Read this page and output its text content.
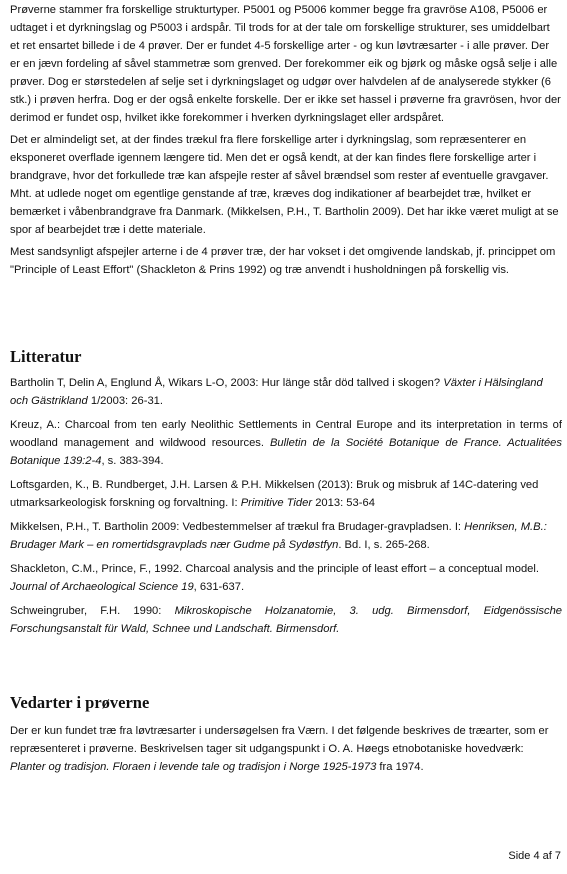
Prøverne stammer fra forskellige strukturtyper. P5001 og P5006 kommer begge fra gravröse A108, P5006 er udtaget i et dyrkningslag og P5003 i ardspår. Til trods for at der tale om forskellige strukturer, ses umiddelbart et ret ensartet billede i de 4 prøver. Der er fundet 4-5 forskellige arter - og kun løvtræsarter - i alle prøver. Der er en jævn fordeling af såvel stammetræ som grenved. Der forekommer eik og bjørk og måske også selje i alle prøver. Dog er størstedelen af selje set i dyrkningslaget og udgør over halvdelen af de analyserede stykker (6 stk.) i prøven herfra. Dog er der også enkelte forskelle. Der er ikke set hassel i prøverne fra gravrösen, hvor der derimod er fundet osp, hvilket ikke forekommer i hverken dyrkningslaget eller ardspåret.

Det er almindeligt set, at der findes trækul fra flere forskellige arter i dyrkningslag, som repræsenterer en eksponeret overflade igennem længere tid. Men det er også kendt, at der kan findes flere forskellige arter i brandgrave, hvor det forkullede træ kan afspejle rester af såvel brændsel som rester af eventuelle gravgaver. Mht. at udlede noget om egentlige genstande af træ, kræves dog indikationer af bearbejdet træ, hvilket er bemærket i våbenbrandgrave fra Danmark. (Mikkelsen, P.H., T. Bartholin 2009). Det har ikke været muligt at se spor af bearbejdet træ i dette materiale.

Mest sandsynligt afspejler arterne i de 4 prøver træ, der har vokset i det omgivende landskab, jf. princippet om "Principle of Least Effort" (Shackleton & Prins 1992) og træ anvendt i husholdningen på forskellig vis.

Litteratur

Bartholin T, Delin A, Englund Å, Wikars L-O, 2003: Hur länge står död tallved i skogen? Växter i Hälsingland och Gästrikland 1/2003: 26-31.

Kreuz, A.: Charcoal from ten early Neolithic Settlements in Central Europe and its interpretation in terms of woodland management and wildwood resources. Bulletin de la Société Botanique de France. Actualitées Botanique 139:2-4, s. 383-394.

Loftsgarden, K., B. Rundberget, J.H. Larsen & P.H. Mikkelsen (2013): Bruk og misbruk af 14C-datering ved utmarksarkeologisk forskning og forvaltning. I: Primitive Tider 2013: 53-64

Mikkelsen, P.H., T. Bartholin 2009: Vedbestemmelser af trækul fra Brudager-gravpladsen. I: Henriksen, M.B.: Brudager Mark – en romertidsgravplads nær Gudme på Sydøstfyn. Bd. I, s. 265-268.

Shackleton, C.M., Prince, F., 1992. Charcoal analysis and the principle of least effort – a conceptual model. Journal of Archaeological Science 19, 631-637.

Schweingruber, F.H. 1990: Mikroskopische Holzanatomie, 3. udg. Birmensdorf, Eidgenössische Forschungsanstalt für Wald, Schnee und Landschaft. Birmensdorf.

Vedarter i prøverne

Der er kun fundet træ fra løvtræsarter i undersøgelsen fra Værn. I det følgende beskrives de træarter, som er repræsenteret i prøverne. Beskrivelsen tager sit udgangspunkt i O. A. Høegs etnobotaniske hovedværk: Planter og tradisjon. Floraen i levende tale og tradisjon i Norge 1925-1973 fra 1974.

Side 4 af 7
